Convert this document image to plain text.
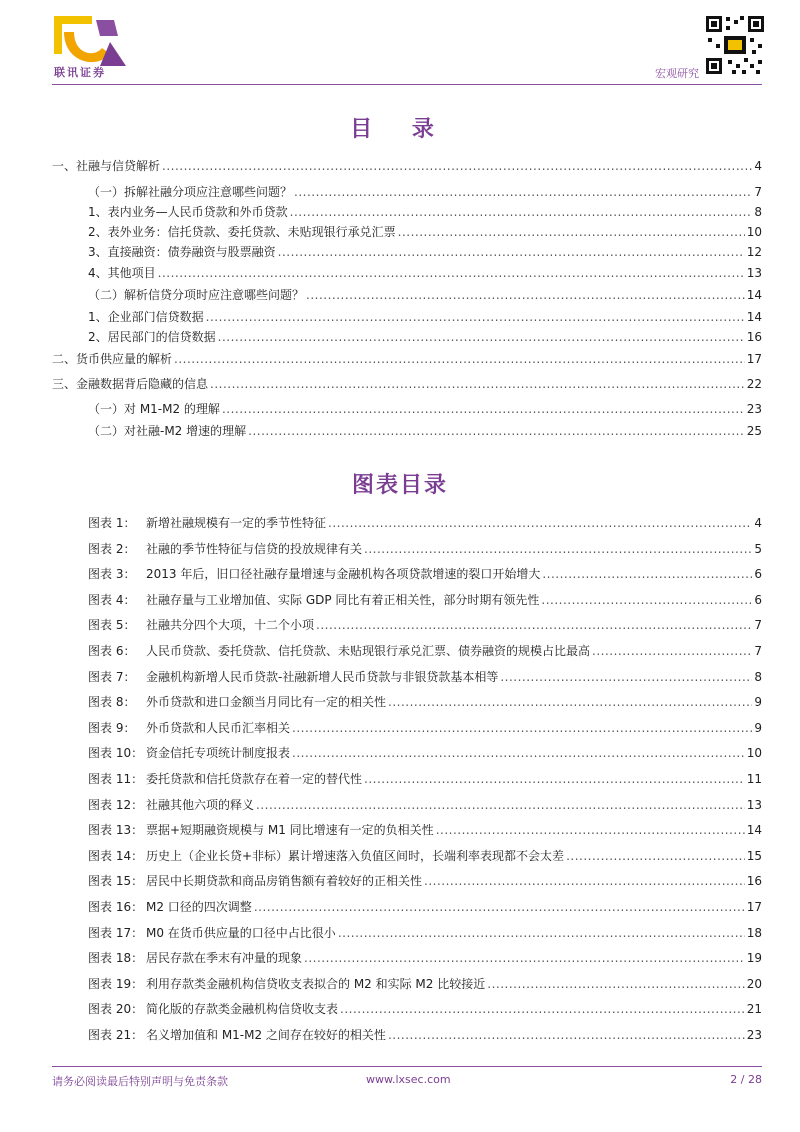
联讯证券	宏观研究
目 录
一、社融与信贷解析 .....	4
（一）拆解社融分项应注意哪些问题？ .....	7
1、表内业务—人民币贷款和外币贷款 .....	8
2、表外业务：信托贷款、委托贷款、未贴现银行承兑汇票 .....	10
3、直接融资：债券融资与股票融资 .....	12
4、其他项目 .....	13
（二）解析信贷分项时应注意哪些问题？ .....	14
1、企业部门信贷数据 .....	14
2、居民部门的信贷数据 .....	16
二、货币供应量的解析 .....	17
三、金融数据背后隐藏的信息 .....	22
（一）对 M1-M2 的理解 .....	23
（二）对社融-M2 增速的理解 .....	25
图表目录
图表 1： 新增社融规模有一定的季节性特征 .....	4
图表 2： 社融的季节性特征与信贷的投放规律有关 .....	5
图表 3： 2013 年后，旧口径社融存量增速与金融机构各项贷款增速的裂口开始增大 .....	6
图表 4： 社融存量与工业增加值、实际 GDP 同比有着正相关性，部分时期有领先性 .....	6
图表 5： 社融共分四个大项，十二个小项 .....	7
图表 6： 人民币贷款、委托贷款、信托贷款、未贴现银行承兑汇票、债券融资的规模占比最高 .....	7
图表 7： 金融机构新增人民币贷款-社融新增人民币贷款与非银贷款基本相等 .....	8
图表 8： 外币贷款和进口金额当月同比有一定的相关性 .....	9
图表 9： 外币贷款和人民币汇率相关 .....	9
图表 10： 资金信托专项统计制度报表 .....	10
图表 11： 委托贷款和信托贷款存在着一定的替代性 .....	11
图表 12： 社融其他六项的释义 .....	13
图表 13： 票据+短期融资规模与 M1 同比增速有一定的负相关性 .....	14
图表 14： 历史上（企业长贷+非标）累计增速落入负值区间时，长端利率表现都不会太差 .....	15
图表 15： 居民中长期贷款和商品房销售额有着较好的正相关性 .....	16
图表 16： M2 口径的四次调整 .....	17
图表 17： M0 在货币供应量的口径中占比很小 .....	18
图表 18： 居民存款在季末有冲量的现象 .....	19
图表 19： 利用存款类金融机构信贷收支表拟合的 M2 和实际 M2 比较接近 .....	20
图表 20： 简化版的存款类金融机构信贷收支表 .....	21
图表 21： 名义增加值和 M1-M2 之间存在较好的相关性 .....	23
请务必阅读最后特别声明与免责条款	www.lxsec.com	2 / 28
